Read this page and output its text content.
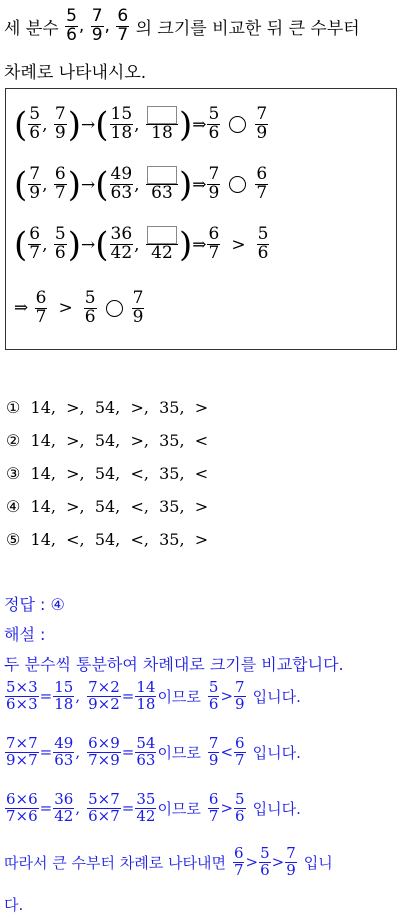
세 분수
$\frac{5}{6}$ , $\frac{7}{9}$ , $\frac{6}{7}$
의 크기를 비교한 뒤 큰 수부터
차례로 나타내시오.
( $\frac{5}{6}$ , $\frac{7}{9}$ ) → ( $\frac{15}{18}$ , 18 ) ⇒ $\frac{5}{6} \frac{7}{9}$
( $\frac{7}{9}$ , $\frac{6}{7}$ ) → ( $\frac{49}{63}$ , 63 ) ⇒ $\frac{7}{9} \frac{6}{7}$
( $\frac{6}{7}$ , $\frac{5}{6}$ ) → ( $\frac{36}{42}$ , 42 ) ⇒ $\frac{6}{7} > \frac{5}{6}$
⇒
$\frac{6}{7} > \frac{5}{6} \frac{7}{9}$
① 14, >, 54, >, 35, >
② 14, >, 54, >, 35, <
③ 14, >, 54, <, 35, <
④ 14, >, 54, <, 35, >
⑤ 14, <, 54, <, 35, >
정답 : ④
해설 :
두 분수씩 통분하여 차례대로 크기를 비교합니다.
$\frac{5\times 3}{6\times 3} = \frac{15}{18}$ , $\frac{7\times 2}{9\times 2} = \frac{14}{18}$ 이므로 $\frac{5}{6} > \frac{7}{9}$ 입니다.
$\frac{7\times 7}{9\times 7} = \frac{49}{63}$ , $\frac{6\times 9}{7\times 9} = \frac{54}{63}$ 이므로 $\frac{7}{9} < \frac{6}{7}$ 입니다.
$\frac{6\times 6}{7\times 6} = \frac{36}{42}$ , $\frac{5\times 7}{6\times 7} = \frac{35}{42}$ 이므로 $\frac{6}{7} > \frac{5}{6}$ 입니다.
따라서 큰 수부터 차례로 나타내면 $\frac{6}{7} > \frac{5}{6} > \frac{7}{9}$ 입니
다.
